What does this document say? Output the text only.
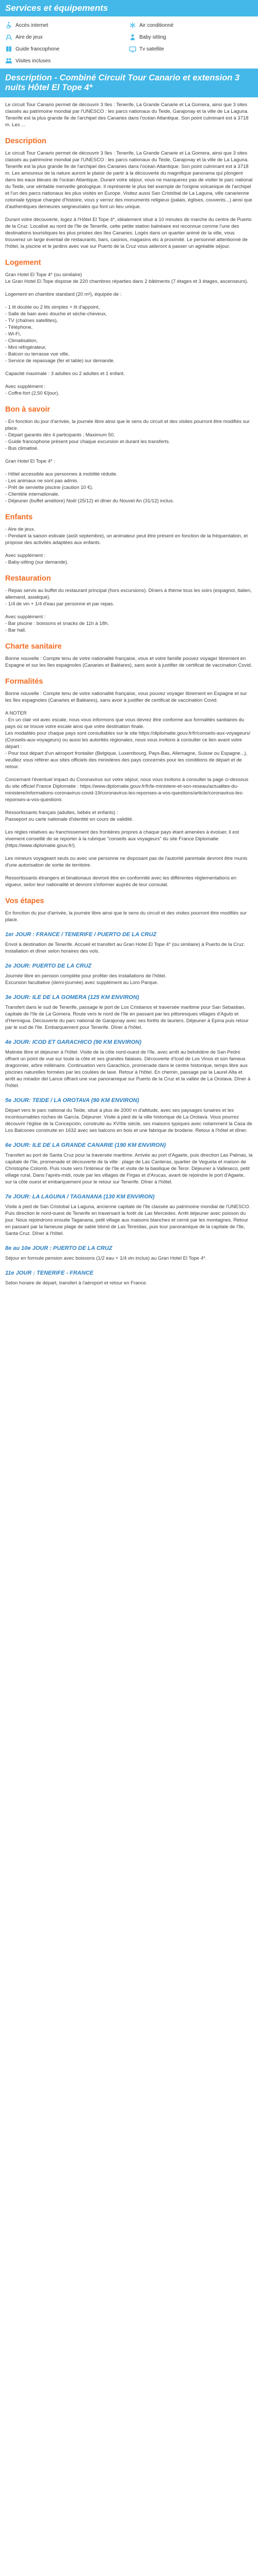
Services et équipements
Accès internet	Air conditionné
Aire de jeux	Baby sitting
Guide francophone	Tv satellite
Visites incluses
Description - Combiné Circuit Tour Canario et extension 3 nuits Hôtel El Tope 4*

Le circuit Tour Canario permet de découvrir 3 îles : Tenerife, La Grande Canarie et La Gomera, ainsi que 3 sites classés au patrimoine mondial par l'UNESCO : les parcs nationaux du Teide, Garajonay et la ville de La Laguna. Tenerife est la plus grande île de l'archipel des Canaries dans l'océan Atlantique. Son point culminant est à 3718 m. Les ...

Description

Le circuit Tour Canario permet de découvrir 3 îles : Tenerife, La Grande Canarie et La Gomera, ainsi que 3 sites classés au patrimoine mondial par l'UNESCO : les parcs nationaux du Teide, Garajonay et la ville de La Laguna. Tenerife est la plus grande île de l'archipel des Canaries dans l'océan Atlantique. Son point culminant est à 3718 m. Les amoureux de la nature auront le plaisir de partir à la découverte du magnifique panorama qui plongent dans les eaux bleues de l'océan Atlantique. Durant votre séjour, vous ne manquerez pas de visiter le parc national du Teide, une véritable merveille géologique. Il représente le plus bel exemple de l'origine volcanique de l'archipel et l'un des parcs nationaux les plus visités en Europe. Visitez aussi San Cristóbal de La Laguna, ville canarienne coloniale typique chargée d'histoire, vous y verrez des monuments religieux (palais, églises, couvents...) ainsi que d'authentiques demeures seigneuriales qui font un lieu unique.

Durant votre découverte, logez à l'Hôtel El Tope 4*, idéalement situé à 10 minutes de marche du centre de Puerto de la Cruz. Localisé au nord de l'île de Tenerife, cette petite station balnéaire est reconnue comme l'une des destinations touristiques les plus prisées des îles Canaries. Logés dans un quartier animé de la ville, vous trouverez un large éventail de restaurants, bars, casinos, magasins etc à proximité. Le personnel attentionné de l'hôtel, la piscine et le jardins avec vue sur Puerto de la Cruz vous aideront à passer un agréable séjour.

Logement

Gran Hotel El Tope 4* (ou similaire)
Le Gran Hotel El Tope dispose de 220 chambres réparties dans 2 bâtiments (7 étages et 3 étages, ascenseurs).

Logement en chambre standard (20 m²), équipée de :

- 1 lit double ou 2 lits simples + lit d'appoint,
- Salle de bain avec douche et sèche-cheveux,
- TV (chaînes satellites),
- Téléphone,
- Wi-Fi,
- Climatisation,
- Mini réfrigérateur,
- Balcon ou terrasse vue ville,
- Service de repassage (fer et table) sur demande.

Capacité maximale : 3 adultes ou 2 adultes et 1 enfant.

Avec supplément :
- Coffre-fort (2,50 €/jour).

Bon à savoir

- En fonction du jour d'arrivée, la journée libre ainsi que le sens du circuit et des visites pourront être modifiés sur place.
- Départ garantis dès 4 participants ; Maximum 50.
- Guide francophone présent pour chaque excursion et durant les transferts.
- Bus climatisé.

Gran Hotel El Tope 4* :

- Hôtel accessible aux personnes à mobilité réduite.
- Les animaux ne sont pas admis.
- Prêt de serviette piscine (caution 10 €).
- Clientèle internationale.
- Déjeuner (buffet améliore) Noël (25/12) et dîner du Nouvel An (31/12) inclus.

Enfants

- Aire de jeux.
- Pendant la saison estivale (août septembre), un animateur peut être présent en fonction de la fréquentation, et propose des activités adaptées aux enfants.

Avec supplément :
- Baby-sitting (sur demande).

Restauration

- Repas servis au buffet du restaurant principal (hors excursions). Dîners à thème tous les soirs (espagnol, italien, allemand, asiatique).
- 1/4 de vin + 1/4 d'eau par personne et par repas.

Avec supplément :
- Bar piscine : boissons et snacks de 11h à 18h.
- Bar hall.

Charte sanitaire

Bonne nouvelle : Compte tenu de votre nationalité française, vous et votre famille pouvez voyager librement en Espagne et sur les îles espagnoles (Canaries et Baléares), sans avoir à justifier de certificat de vaccination Covid.

Formalités

Bonne nouvelle : Compte tenu de votre nationalité française, vous pouvez voyager librement en Espagne et sur les îles espagnoles (Canaries et Baléares), sans avoir à justifier de certificat de vaccination Covid.

A NOTER
- En un clair vol avec escale, nous vous informons que vous devrez être conforme aux formalités sanitaires du pays où se trouve votre escale ainsi que votre destination finale.
Les modalités pour chaque pays sont consultables sur le site https://diplomatie.gouv.fr/fr/conseils-aux-voyageurs/ (Conseils-aux-voyageurs) ou aussi les autorités régionales, nous vous invitons à consulter ce lien avant votre départ :
- Pour tout départ d'un aéroport frontalier (Belgique, Luxembourg, Pays-Bas, Allemagne, Suisse ou Espagne...), veuillez vous référer aux sites officiels des ministères des pays concernés pour les conditions de départ et de retour.

Concernant l'éventuel impact du Coronavirus sur votre séjour, nous vous invitons à consulter la page ci-dessous du site officiel France Diplomatie : https://www.diplomatie.gouv.fr/fr/le-ministere-et-son-reseau/actualites-du-ministere/informations-coronavirus-covid-19/coronavirus-les-reponses-a-vos-questions/article/coronavirus-les-reponses-a-vos-questions

Ressortissants français (adultes, bébés et enfants) :
Passeport ou carte nationale d'identité en cours de validité.

Les règles relatives au franchissement des frontières propres à chaque pays étant amenées à évoluer, il est vivement conseillé de se reporter à la rubrique "conseils aux voyageurs" du site France Diplomatie (https://www.diplomatie.gouv.fr/).

Les mineurs voyageant seuls ou avec une personne ne disposant pas de l'autorité parentale devront être munis d'une autorisation de sortie de territoire.

Ressortissants étrangers et binationaux devront être en conformité avec les différentes réglementations en vigueur, selon leur nationalité et devront s'informer auprès de leur consulat.

Vos étapes

En fonction du jour d'arrivée, la journée libre ainsi que le sens du circuit et des visites pourront être modifiés sur place.

1er JOUR : FRANCE / TENERIFE / PUERTO DE LA CRUZ

Envol à destination de Tenerife. Accueil et transfert au Gran Hotel El Tope 4* (ou similaire) à Puerto de la Cruz.
Installation et dîner selon horaires des vols.

2e JOUR: PUERTO DE LA CRUZ

Journée libre en pension complète pour profiter des installations de l'hôtel.
Excursion facultative (demi-journée) avec supplément au Loro Parque.

3e JOUR: ILE DE LA GOMERA (125 KM ENVIRON)

Transfert dans le sud de Tenerife, passage le port de Los Cristianos et traversée maritime pour San Sebastian, capitale de l'île de La Gomera. Route vers le nord de l'île en passant par les pittoresques villages d'Agulo et d'Hermigua. Découverte du parc national de Garajonay avec ses forêts de lauriers. Déjeuner à Epina puis retour par le sud de l'île. Embarquement pour Tenerife. Dîner à l'hôtel.

4e JOUR: ICOD ET GARACHICO (90 KM ENVIRON)

Matinée libre et déjeuner à l'hôtel. Visite de la côte nord-ouest de l'île, avec arrêt au belvédère de San Pedro offrant un point de vue sur toute la côte et ses grandes falaises. Découverte d'Icod de Los Vinos et son fameux dragonnier, arbre millénaire. Continuation vers Garachico, promenade dans le centre historique, temps libre aux piscines naturelles formées par les coulées de lave. Retour à l'hôtel. En chemin, passage par la Laurel Alta et arrêt au mirador del Lance offrant une vue panoramique sur Puerto de la Cruz et la vallée de La Orotava. Dîner à l'hôtel.

5e JOUR: TEIDE / LA OROTAVA (90 KM ENVIRON)

Départ vers le parc national du Teide, situé à plus de 2000 m d'altitude, avec ses paysages lunaires et les incontournables roches de García. Déjeuner. Visite à pied de la ville historique de La Orotava. Vous pourrez découvrir l'église de la Concepción, construite au XVIIIe siècle, ses maisons typiques avec notamment la Casa de Los Balcones construite en 1632 avec ses balcons en bois et une fabrique de broderie. Retour à l'hôtel et dîner.

6e JOUR: ILE DE LA GRANDE CANARIE (190 KM ENVIRON)

Transfert au port de Santa Cruz pour la traversée maritime. Arrivée au port d'Agaete, puis direction Las Palmas, la capitale de l'île, promenade et découverte de la ville : plage de Las Canteras, quartier de Vegueta et maison de Christophe Colomb. Puis route vers l'intérieur de l'île et visite de la basilique de Teror. Déjeuner à Valleseco, petit village rural. Dans l'après-midi, route par les villages de Firgas et d'Arucas, avant de rejoindre le port d'Agaete, sur la côte ouest et embarquement pour le retour sur Tenerife. Dîner à l'hôtel.

7e JOUR: LA LAGUNA / TAGANANA (130 KM ENVIRON)

Visite à pied de San Cristobal La Laguna, ancienne capitale de l'île classée au patrimoine mondial de l'UNESCO. Puis direction le nord-ouest de Tenerife en traversant la forêt de Las Mercedes. Arrêt déjeuner avec poisson du jour. Nous rejoindrons ensuite Taganana, petit village aux maisons blanches et cerné par les montagnes. Retour en passant par la fameuse plage de sable blond de Las Teresitas, puis tour panoramique de la capitale de l'île, Santa Cruz. Dîner à l'hôtel.

8e au 10e JOUR : PUERTO DE LA CRUZ

Séjour en formule pension avec boissons (1/2 eau + 1/4 vin inclus) au Gran Hotel El Tope 4*.

11e JOUR : TENERIFE - FRANCE

Selon horaire de départ, transfert à l'aéroport et retour en France.
